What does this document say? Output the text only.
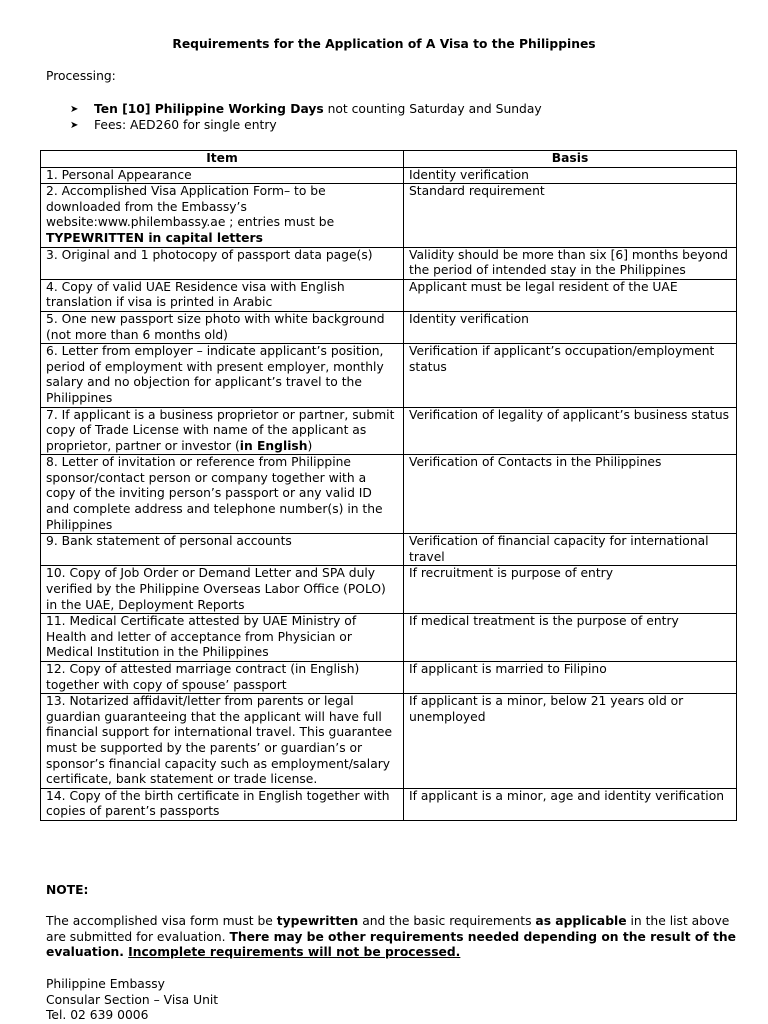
Requirements for the Application of A Visa to the Philippines
Processing:
➤ Ten [10] Philippine Working Days not counting Saturday and Sunday
➤ Fees: AED260 for single entry
Item	Basis
1. Personal Appearance	Identity verification
2. Accomplished Visa Application Form– to be downloaded from the Embassy’s website:www.philembassy.ae ; entries must be TYPEWRITTEN in capital letters	Standard requirement
3. Original and 1 photocopy of passport data page(s)	Validity should be more than six [6] months beyond the period of intended stay in the Philippines
4. Copy of valid UAE Residence visa with English translation if visa is printed in Arabic	Applicant must be legal resident of the UAE
5. One new passport size photo with white background (not more than 6 months old)	Identity verification
6. Letter from employer – indicate applicant’s position, period of employment with present employer, monthly salary and no objection for applicant’s travel to the Philippines	Verification if applicant’s occupation/employment status
7. If applicant is a business proprietor or partner, submit copy of Trade License with name of the applicant as proprietor, partner or investor (in English)	Verification of legality of applicant’s business status
8. Letter of invitation or reference from Philippine sponsor/contact person or company together with a copy of the inviting person’s passport or any valid ID and complete address and telephone number(s) in the Philippines	Verification of Contacts in the Philippines
9. Bank statement of personal accounts	Verification of financial capacity for international travel
10. Copy of Job Order or Demand Letter and SPA duly verified by the Philippine Overseas Labor Office (POLO) in the UAE, Deployment Reports	If recruitment is purpose of entry
11. Medical Certificate attested by UAE Ministry of Health and letter of acceptance from Physician or Medical Institution in the Philippines	If medical treatment is the purpose of entry
12. Copy of attested marriage contract (in English) together with copy of spouse’ passport	If applicant is married to Filipino
13. Notarized affidavit/letter from parents or legal guardian guaranteeing that the applicant will have full financial support for international travel. This guarantee must be supported by the parents’ or guardian’s or sponsor’s financial capacity such as employment/salary certificate, bank statement or trade license.	If applicant is a minor, below 21 years old or unemployed
14. Copy of the birth certificate in English together with copies of parent’s passports	If applicant is a minor, age and identity verification
NOTE:
The accomplished visa form must be typewritten and the basic requirements as applicable in the list above are submitted for evaluation. There may be other requirements needed depending on the result of the evaluation. Incomplete requirements will not be processed.
Philippine Embassy
Consular Section – Visa Unit
Tel. 02 639 0006
